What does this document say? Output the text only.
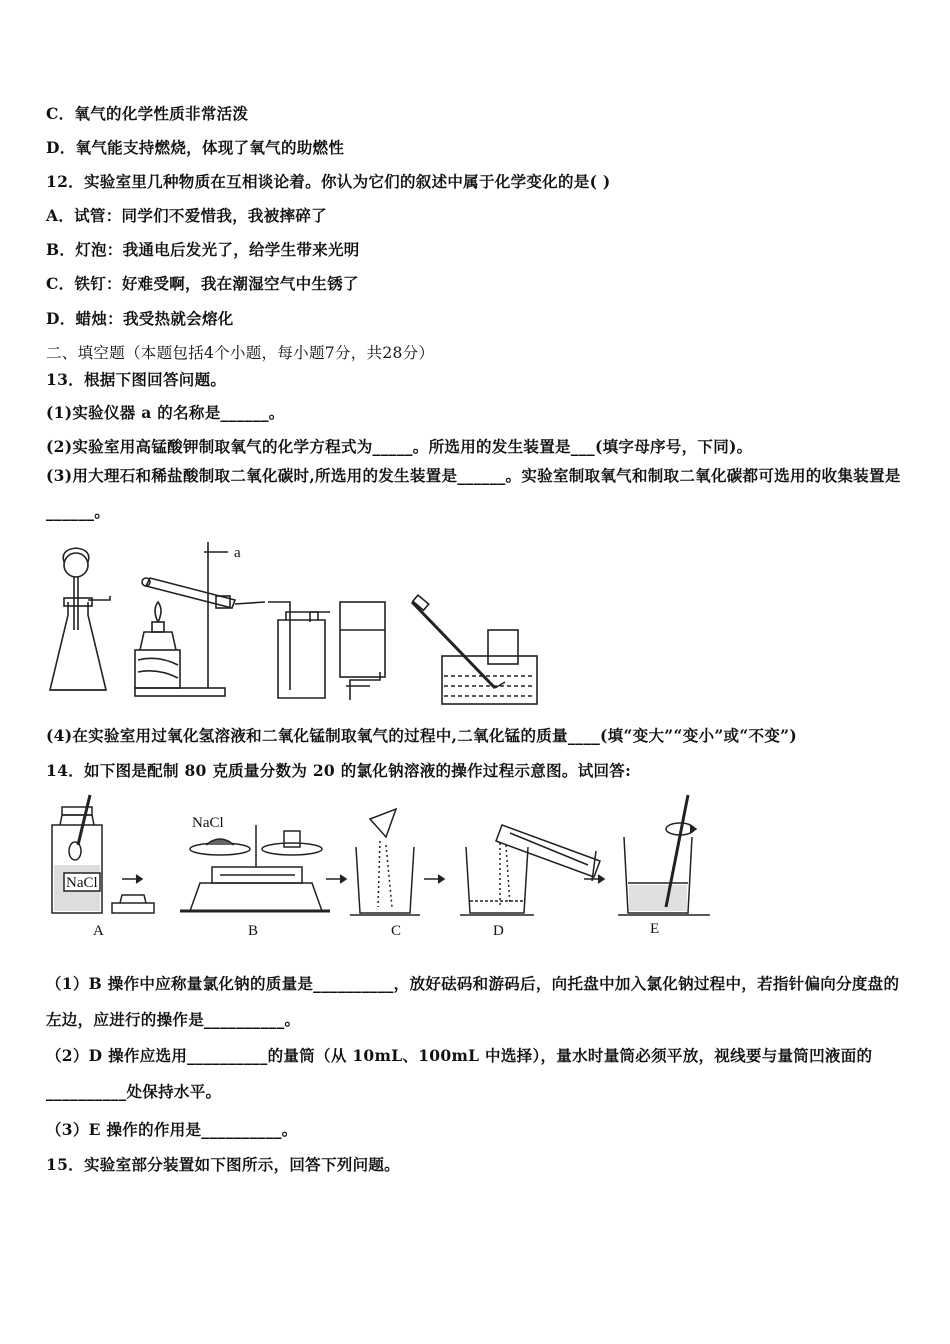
C．氧气的化学性质非常活泼
D．氧气能支持燃烧，体现了氧气的助燃性
12．实验室里几种物质在互相谈论着。你认为它们的叙述中属于化学变化的是( )
A．试管：同学们不爱惜我，我被摔碎了
B．灯泡：我通电后发光了，给学生带来光明
C．铁钉：好难受啊，我在潮湿空气中生锈了
D．蜡烛：我受热就会熔化
二、填空题（本题包括4个小题，每小题7分，共28分）
13．根据下图回答问题。
(1)实验仪器 a 的名称是______。
(2)实验室用高锰酸钾制取氧气的化学方程式为_____。所选用的发生装置是___(填字母序号，下同)。
(3)用大理石和稀盐酸制取二氧化碳时,所选用的发生装置是______。实验室制取氧气和制取二氧化碳都可选用的收集装置是______。
a
(4)在实验室用过氧化氢溶液和二氧化锰制取氧气的过程中,二氧化锰的质量____(填“变大”“变小”或“不变”)
14．如下图是配制 80 克质量分数为 20 的氯化钠溶液的操作过程示意图。试回答:
NaCl
NaCl
A	B	C	D	E
（1）B 操作中应称量氯化钠的质量是__________，放好砝码和游码后，向托盘中加入氯化钠过程中，若指针偏向分度盘的左边，应进行的操作是__________。
（2）D 操作应选用__________的量筒（从 10mL、100mL 中选择），量水时量筒必须平放，视线要与量筒凹液面的__________处保持水平。
（3）E 操作的作用是__________。
15．实验室部分装置如下图所示，回答下列问题。
